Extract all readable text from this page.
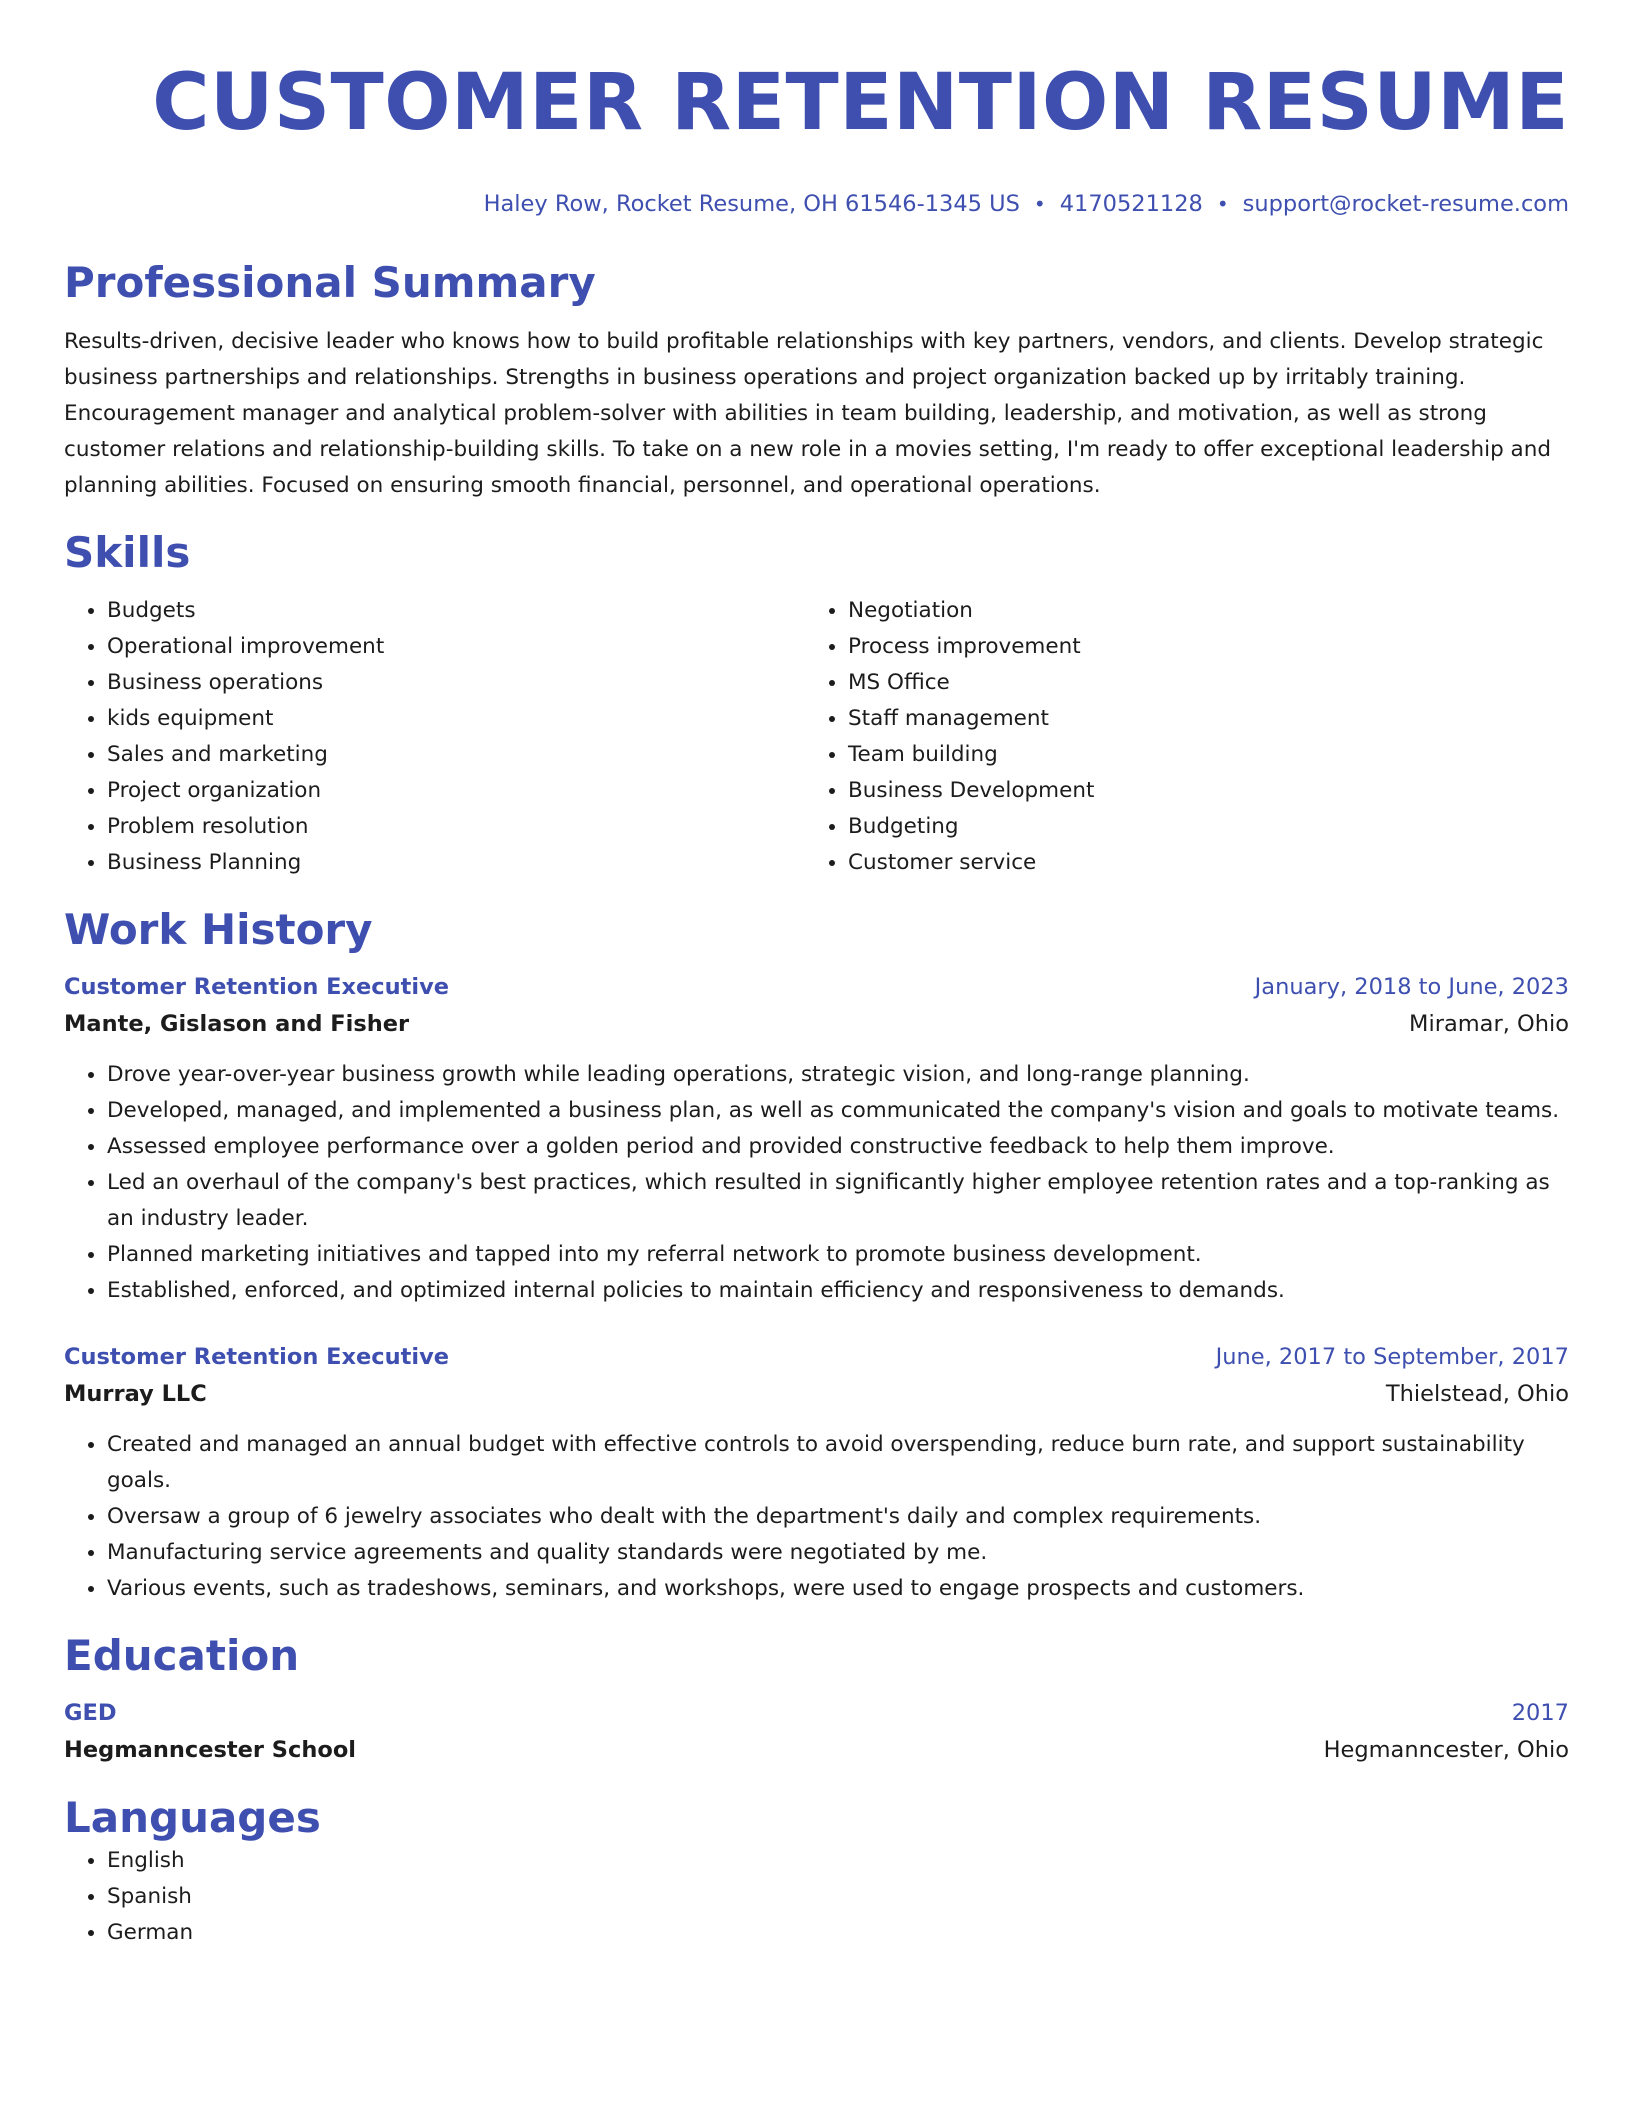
CUSTOMER RETENTION RESUME
Haley Row, Rocket Resume, OH 61546-1345 US • 4170521128 • support@rocket-resume.com
Professional Summary

Results-driven, decisive leader who knows how to build profitable relationships with key partners, vendors, and clients. Develop strategic business partnerships and relationships. Strengths in business operations and project organization backed up by irritably training. Encouragement manager and analytical problem-solver with abilities in team building, leadership, and motivation, as well as strong customer relations and relationship-building skills. To take on a new role in a movies setting, I'm ready to offer exceptional leadership and planning abilities. Focused on ensuring smooth financial, personnel, and operational operations.

Skills
• Budgets
• Operational improvement
• Business operations
• kids equipment
• Sales and marketing
• Project organization
• Problem resolution
• Business Planning
• Negotiation
• Process improvement
• MS Office
• Staff management
• Team building
• Business Development
• Budgeting
• Customer service
Work History
Customer Retention Executive	January, 2018 to June, 2023
Mante, Gislason and Fisher	Miramar, Ohio
• Drove year-over-year business growth while leading operations, strategic vision, and long-range planning.
• Developed, managed, and implemented a business plan, as well as communicated the company's vision and goals to motivate teams.
• Assessed employee performance over a golden period and provided constructive feedback to help them improve.
• Led an overhaul of the company's best practices, which resulted in significantly higher employee retention rates and a top-ranking as an industry leader.
• Planned marketing initiatives and tapped into my referral network to promote business development.
• Established, enforced, and optimized internal policies to maintain efficiency and responsiveness to demands.
Customer Retention Executive	June, 2017 to September, 2017
Murray LLC	Thielstead, Ohio
• Created and managed an annual budget with effective controls to avoid overspending, reduce burn rate, and support sustainability goals.
• Oversaw a group of 6 jewelry associates who dealt with the department's daily and complex requirements.
• Manufacturing service agreements and quality standards were negotiated by me.
• Various events, such as tradeshows, seminars, and workshops, were used to engage prospects and customers.
Education
GED	2017
Hegmanncester School	Hegmanncester, Ohio
Languages
• English
• Spanish
• German
